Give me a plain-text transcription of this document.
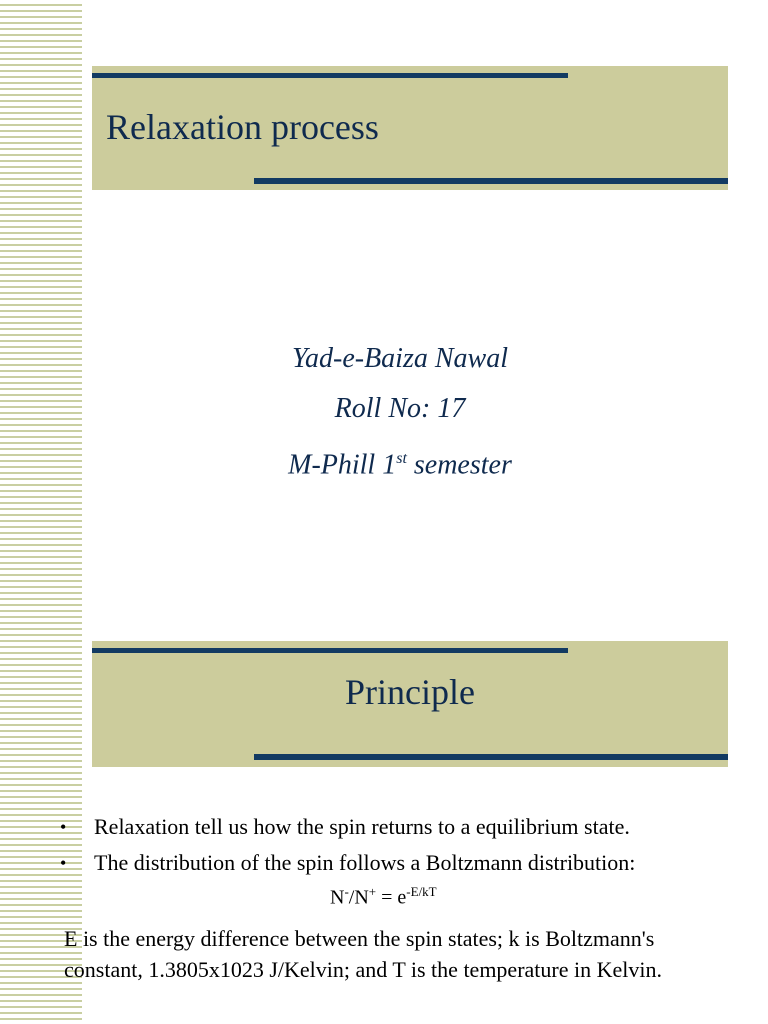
Relaxation process
Yad-e-Baiza Nawal
Roll No: 17
M-Phill 1st semester
Principle
• Relaxation tell us how the spin returns to a equilibrium state.
• The distribution of the spin follows a Boltzmann distribution:
$N^-/N^+ = e^{-E/kT}$
E is the energy difference between the spin states; k is Boltzmann's constant, 1.3805x1023 J/Kelvin; and T is the temperature in Kelvin.
